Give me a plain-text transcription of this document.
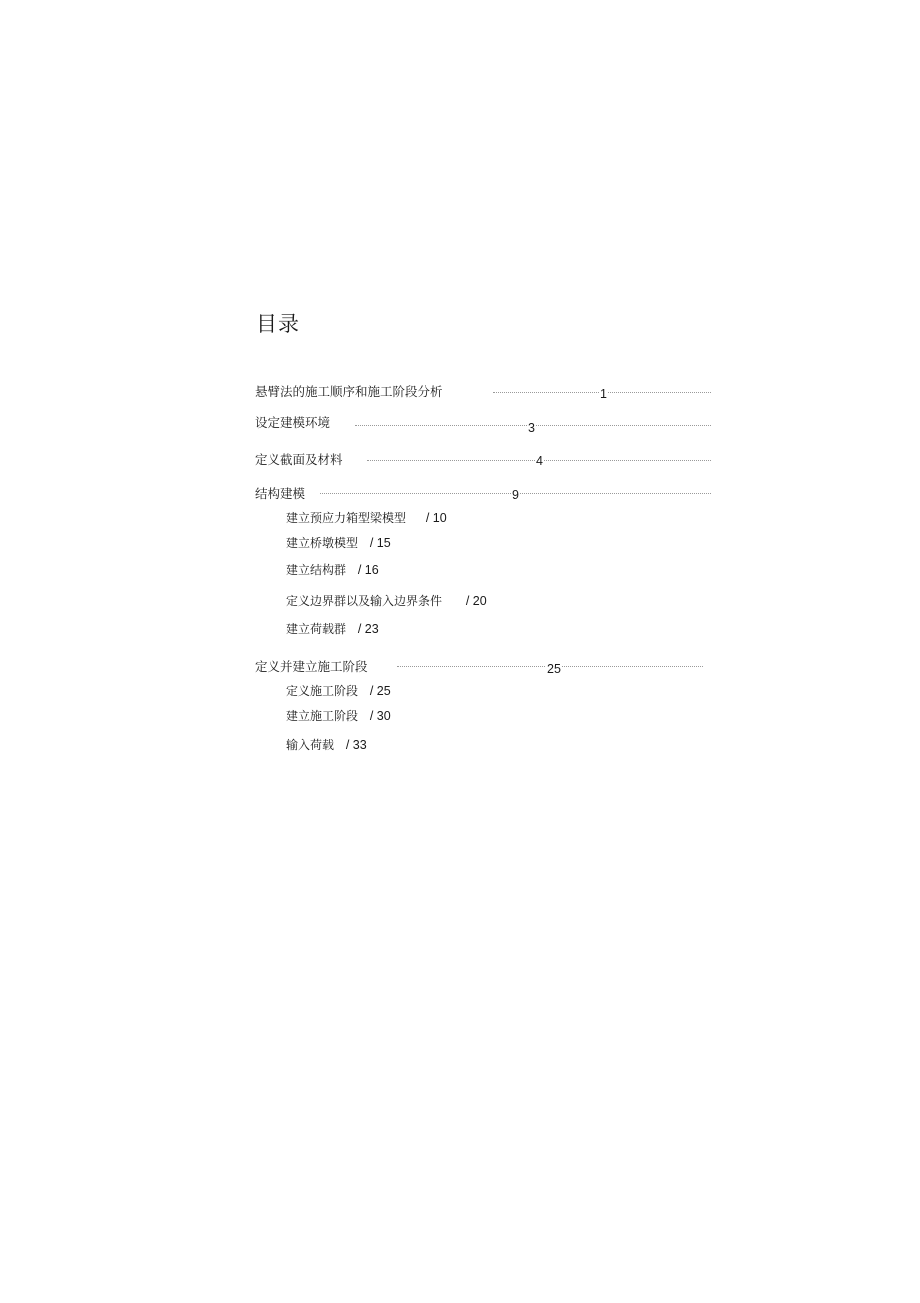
目录
悬臂法的施工顺序和施工阶段分析	1
设定建模环境	3
定义截面及材料	4
结构建模	9
建立预应力箱型梁模型 / 10
建立桥墩模型 / 15
建立结构群 / 16
定义边界群以及输入边界条件 / 20
建立荷载群 / 23
定义并建立施工阶段	25
定义施工阶段 / 25
建立施工阶段 / 30
输入荷载 / 33
